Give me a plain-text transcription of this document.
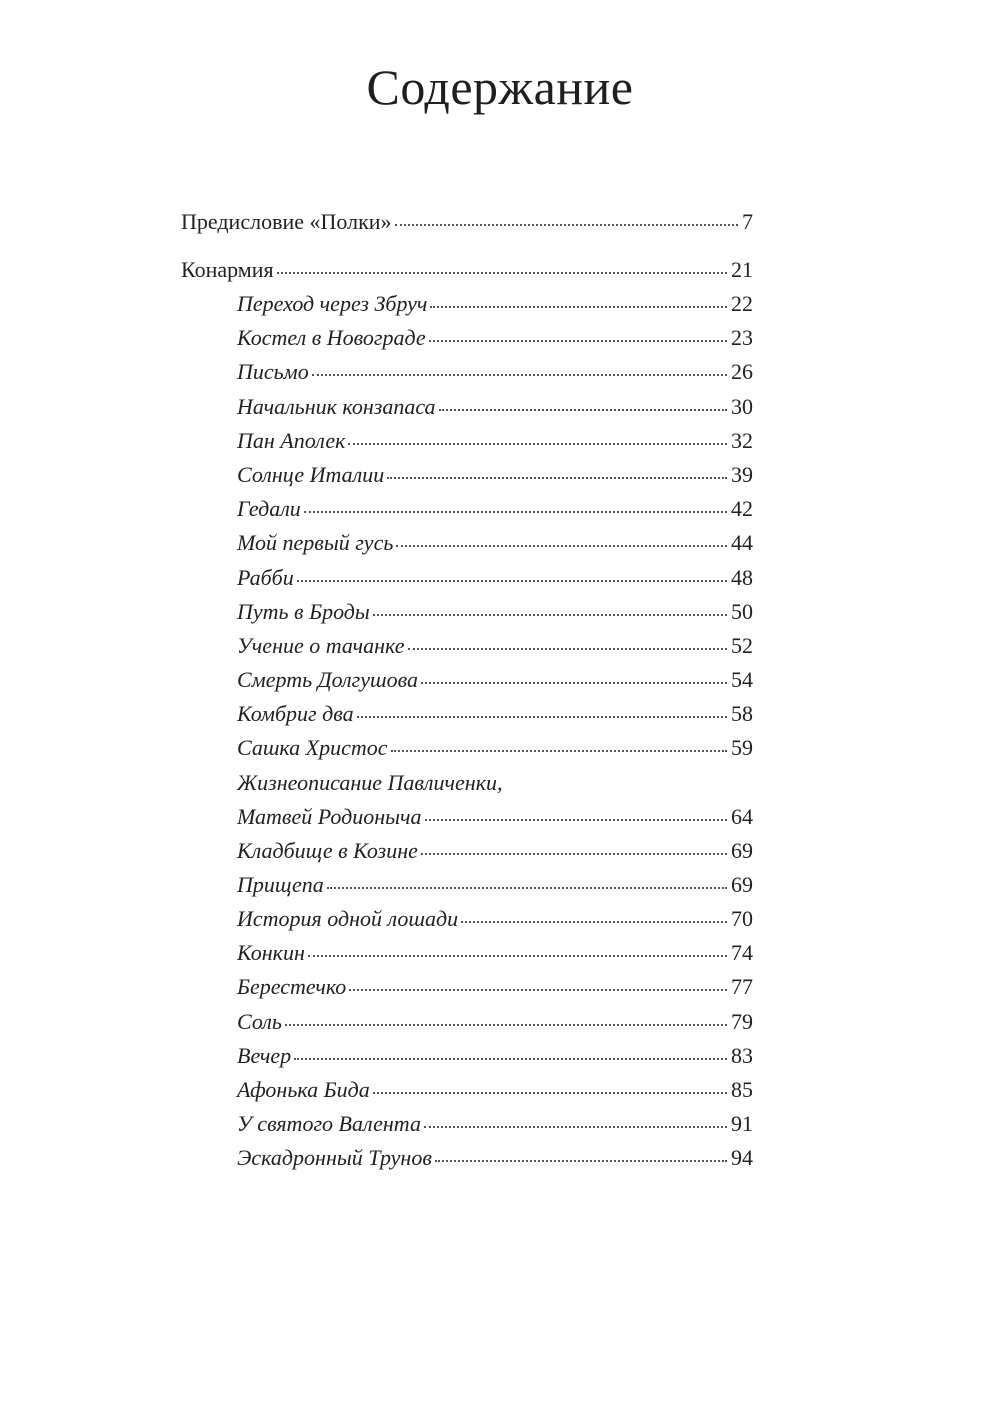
Содержание
Предисловие «Полки»	7
Конармия	21
Переход через Збруч	22
Костел в Новограде	23
Письмо	26
Начальник конзапаса	30
Пан Аполек	32
Солнце Италии	39
Гедали	42
Мой первый гусь	44
Рабби	48
Путь в Броды	50
Учение о тачанке	52
Смерть Долгушова	54
Комбриг два	58
Сашка Христос	59
Жизнеописание Павличенки,
Матвей Родионыча	64
Кладбище в Козине	69
Прищепа	69
История одной лошади	70
Конкин	74
Берестечко	77
Соль	79
Вечер	83
Афонька Бида	85
У святого Валента	91
Эскадронный Трунов	94
